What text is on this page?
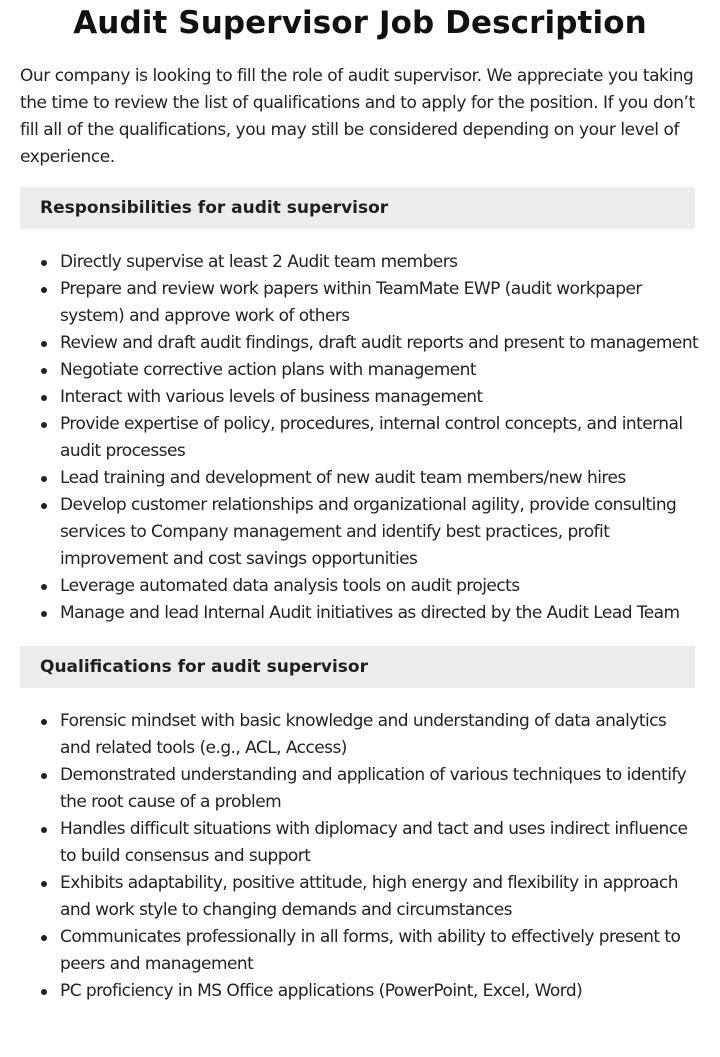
Audit Supervisor Job Description

Our company is looking to fill the role of audit supervisor. We appreciate you taking the time to review the list of qualifications and to apply for the position. If you don’t fill all of the qualifications, you may still be considered depending on your level of experience.

Responsibilities for audit supervisor
Directly supervise at least 2 Audit team members
Prepare and review work papers within TeamMate EWP (audit workpaper system) and approve work of others
Review and draft audit findings, draft audit reports and present to management
Negotiate corrective action plans with management
Interact with various levels of business management
Provide expertise of policy, procedures, internal control concepts, and internal audit processes
Lead training and development of new audit team members/new hires
Develop customer relationships and organizational agility, provide consulting services to Company management and identify best practices, profit improvement and cost savings opportunities
Leverage automated data analysis tools on audit projects
Manage and lead Internal Audit initiatives as directed by the Audit Lead Team
Qualifications for audit supervisor
Forensic mindset with basic knowledge and understanding of data analytics and related tools (e.g., ACL, Access)
Demonstrated understanding and application of various techniques to identify the root cause of a problem
Handles difficult situations with diplomacy and tact and uses indirect influence to build consensus and support
Exhibits adaptability, positive attitude, high energy and flexibility in approach and work style to changing demands and circumstances
Communicates professionally in all forms, with ability to effectively present to peers and management
PC proficiency in MS Office applications (PowerPoint, Excel, Word)
